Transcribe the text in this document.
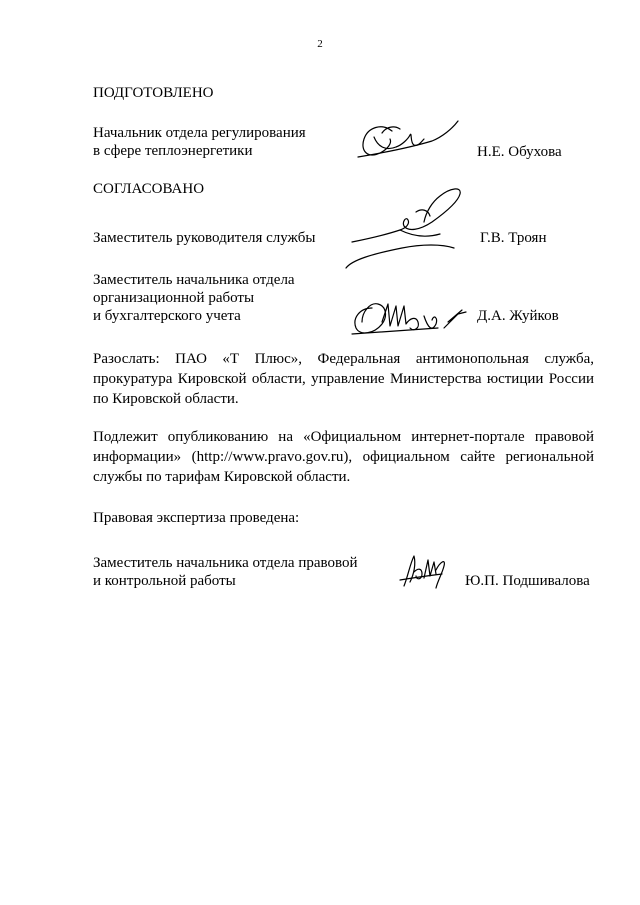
2
ПОДГОТОВЛЕНО
Начальник отдела регулирования
в сфере теплоэнергетики	Н.Е. Обухова
СОГЛАСОВАНО
Заместитель руководителя службы	Г.В. Троян
Заместитель начальника отдела
организационной работы
и бухгалтерского учета	Д.А. Жуйков
Разослать: ПАО «Т Плюс», Федеральная антимонопольная служба,
прокуратура Кировской области, управление Министерства юстиции России
по Кировской области.
Подлежит опубликованию на «Официальном интернет-портале правовой
информации» (http://www.pravo.gov.ru), официальном сайте региональной
службы по тарифам Кировской области.
Правовая экспертиза проведена:
Заместитель начальника отдела правовой
и контрольной работы	Ю.П. Подшивалова
